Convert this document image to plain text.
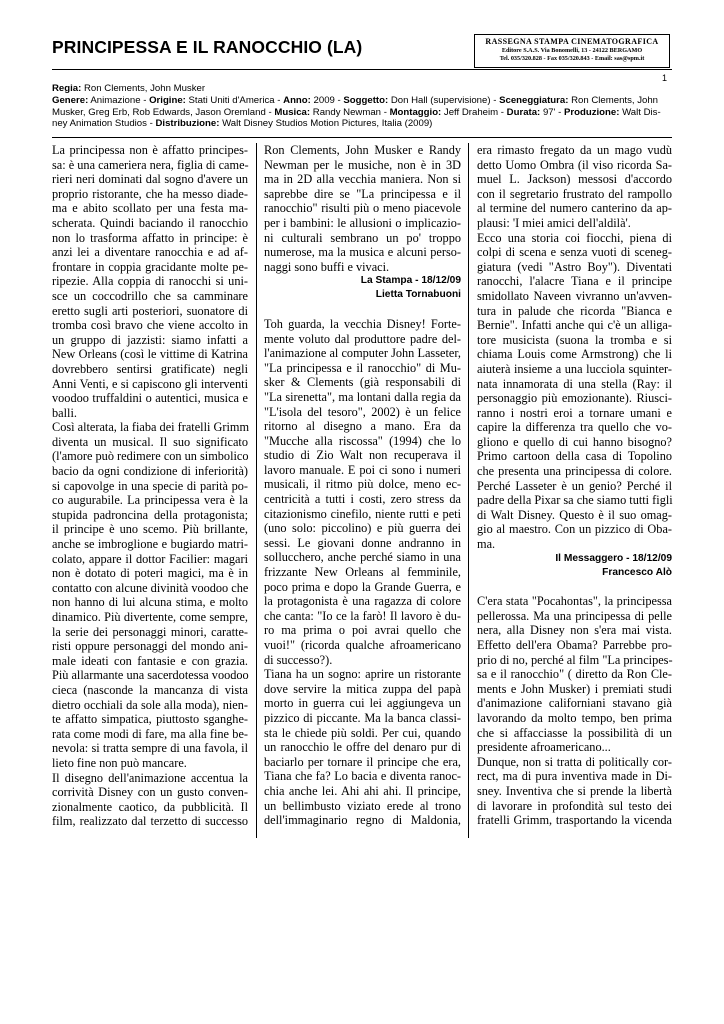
PRINCIPESSA E IL RANOCCHIO (LA)	RASSEGNA STAMPA CINEMATOGRAFICA
Editore S.A.S. Via Bonomelli, 13 - 24122 BERGAMO
Tel. 035/320.828 - Fax 035/320.843 - Email: sas@spm.it
1
Regia: Ron Clements, John Musker
Genere: Animazione - Origine: Stati Uniti d'America - Anno: 2009 - Soggetto: Don Hall (supervisione) - Sceneggiatura: Ron Clements, John
Musker, Greg Erb, Rob Edwards, Jason Oremland - Musica: Randy Newman - Montaggio: Jeff Draheim - Durata: 97' - Produzione: Walt Dis-
ney Animation Studios - Distribuzione: Walt Disney Studios Motion Pictures, Italia (2009)
La principessa non è affatto principes-
sa: è una cameriera nera, figlia di came-
rieri neri dominati dal sogno d'avere un
proprio ristorante, che ha messo diade-
ma e abito scollato per una festa ma-
scherata. Quindi baciando il ranocchio
non lo trasforma affatto in principe: è
anzi lei a diventare ranocchia e ad af-
frontare in coppia gracidante molte pe-
ripezie. Alla coppia di ranocchi si uni-
sce un coccodrillo che sa camminare
eretto sugli arti posteriori, suonatore di
tromba così bravo che viene accolto in
un gruppo di jazzisti: siamo infatti a
New Orleans (così le vittime di Katrina
dovrebbero sentirsi gratificate) negli
Anni Venti, e si capiscono gli interventi
voodoo truffaldini o autentici, musica e
balli.
Così alterata, la fiaba dei fratelli Grimm
diventa un musical. Il suo significato
(l'amore può redimere con un simbolico
bacio da ogni condizione di inferiorità)
si capovolge in una specie di parità po-
co augurabile. La principessa vera è la
stupida padroncina della protagonista;
il principe è uno scemo. Più brillante,
anche se imbroglione e bugiardo matri-
colato, appare il dottor Facilier: magari
non è dotato di poteri magici, ma è in
contatto con alcune divinità voodoo che
non hanno di lui alcuna stima, e molto
dinamico. Più divertente, come sempre,
la serie dei personaggi minori, caratte-
risti oppure personaggi del mondo ani-
male ideati con fantasie e con grazia.
Più allarmante una sacerdotessa voodoo
cieca (nasconde la mancanza di vista
dietro occhiali da sole alla moda), nien-
te affatto simpatica, piuttosto sganghe-
rata come modi di fare, ma alla fine be-
nevola: si tratta sempre di una favola, il
lieto fine non può mancare.
Il disegno dell'animazione accentua la
corrività Disney con un gusto conven-
zionalmente caotico, da pubblicità. Il
film, realizzato dal terzetto di successo
Ron Clements, John Musker e Randy
Newman per le musiche, non è in 3D
ma in 2D alla vecchia maniera. Non si
saprebbe dire se "La principessa e il
ranocchio" risulti più o meno piacevole
per i bambini: le allusioni o implicazio-
ni culturali sembrano un po' troppo
numerose, ma la musica e alcuni perso-
naggi sono buffi e vivaci.
La Stampa - 18/12/09
Lietta Tornabuoni
Toh guarda, la vecchia Disney! Forte-
mente voluto dal produttore padre del-
l'animazione al computer John Lasseter,
"La principessa e il ranocchio" di Mu-
sker & Clements (già responsabili di
"La sirenetta", ma lontani dalla regia da
"L'isola del tesoro", 2002) è un felice
ritorno al disegno a mano. Era da
"Mucche alla riscossa" (1994) che lo
studio di Zio Walt non recuperava il
lavoro manuale. E poi ci sono i numeri
musicali, il ritmo più dolce, meno ec-
centricità a tutti i costi, zero stress da
citazionismo cinefilo, niente rutti e peti
(uno solo: piccolino) e più guerra dei
sessi. Le giovani donne andranno in
sollucchero, anche perché siamo in una
frizzante New Orleans al femminile,
poco prima e dopo la Grande Guerra, e
la protagonista è una ragazza di colore
che canta: "Io ce la farò! Il lavoro è du-
ro ma prima o poi avrai quello che
vuoi!" (ricorda qualche afroamericano
di successo?).
Tiana ha un sogno: aprire un ristorante
dove servire la mitica zuppa del papà
morto in guerra cui lei aggiungeva un
pizzico di piccante. Ma la banca classi-
sta le chiede più soldi. Per cui, quando
un ranocchio le offre del denaro pur di
baciarlo per tornare il principe che era,
Tiana che fa? Lo bacia e diventa ranoc-
chia anche lei. Ahi ahi ahi. Il principe,
un bellimbusto viziato erede al trono
dell'immaginario regno di Maldonia,
era rimasto fregato da un mago vudù
detto Uomo Ombra (il viso ricorda Sa-
muel L. Jackson) messosi d'accordo
con il segretario frustrato del rampollo
al termine del numero canterino da ap-
plausi: 'I miei amici dell'aldilà'.
Ecco una storia coi fiocchi, piena di
colpi di scena e senza vuoti di sceneg-
giatura (vedi "Astro Boy"). Diventati
ranocchi, l'alacre Tiana e il principe
smidollato Naveen vivranno un'avven-
tura in palude che ricorda "Bianca e
Bernie". Infatti anche qui c'è un alliga-
tore musicista (suona la tromba e si
chiama Louis come Armstrong) che li
aiuterà insieme a una lucciola squinter-
nata innamorata di una stella (Ray: il
personaggio più emozionante). Riusci-
ranno i nostri eroi a tornare umani e
capire la differenza tra quello che vo-
gliono e quello di cui hanno bisogno?
Primo cartoon della casa di Topolino
che presenta una principessa di colore.
Perché Lasseter è un genio? Perché il
padre della Pixar sa che siamo tutti figli
di Walt Disney. Questo è il suo omag-
gio al maestro. Con un pizzico di Oba-
ma.
Il Messaggero - 18/12/09
Francesco Alò
C'era stata "Pocahontas", la principessa
pellerossa. Ma una principessa di pelle
nera, alla Disney non s'era mai vista.
Effetto dell'era Obama? Parrebbe pro-
prio di no, perché al film "La principes-
sa e il ranocchio" ( diretto da Ron Cle-
ments e John Musker) i premiati studi
d'animazione californiani stavano già
lavorando da molto tempo, ben prima
che si affacciasse la possibilità di un
presidente afroamericano...
Dunque, non si tratta di politically cor-
rect, ma di pura inventiva made in Di-
sney. Inventiva che si prende la libertà
di lavorare in profondità sul testo dei
fratelli Grimm, trasportando la vicenda
